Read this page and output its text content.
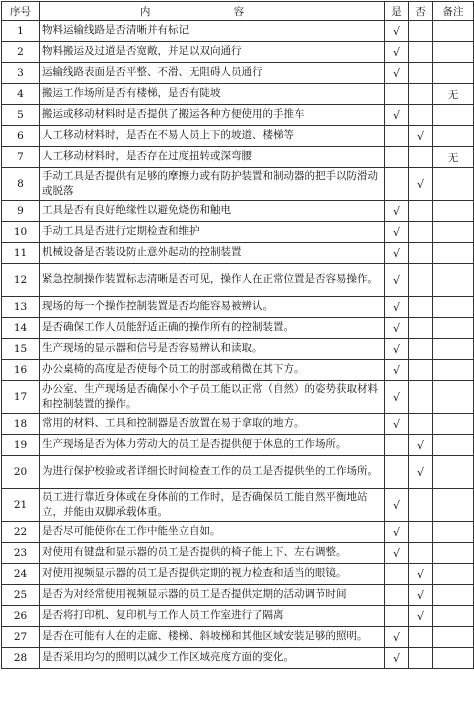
序号	内 容	是	否	备注
1	物料运输线路是否清晰并有标记	√		
2	物料搬运及过道是否宽敞，并足以双向通行	√		
3	运输线路表面是否平整、不滑、无阻碍人员通行	√		
4	搬运工作场所是否有楼梯，是否有陡坡			无
5	搬运或移动材料时是否提供了搬运各种方便使用的手推车	√		
6	人工移动材料时，是否在不易人员上下的坡道、楼梯等		√	
7	人工移动材料时，是否存在过度扭转或深弯腰			无
8	手动工具是否提供有足够的摩擦力或有防护装置和制动器的把手以防滑动或脱落		√	
9	工具是否有良好绝缘性以避免烧伤和触电	√		
10	手动工具是否进行定期检查和维护	√		
11	机械设备是否装设防止意外起动的控制装置	√		
12	紧急控制操作装置标志清晰是否可见，操作人在正常位置是否容易操作。	√		
13	现场的每一个操作控制装置是否均能容易被辨认。	√		
14	是否确保工作人员能舒适正确的操作所有的控制装置。	√		
15	生产现场的显示器和信号是否容易辨认和读取。	√		
16	办公桌椅的高度是否使每个员工的肘部或稍微在其下方。	√		
17	办公室、生产现场是否确保小个子员工能以正常（自然）的姿势获取材料和控制装置的操作。	√		
18	常用的材料、工具和控制器是否放置在易于拿取的地方。	√		
19	生产现场是否为体力劳动大的员工是否提供便于休息的工作场所。		√	
20	为进行保护校验或者详细长时间检查工作的员工是否提供坐的工作场所。		√	
21	员工进行靠近身体或在身体前的工作时，是否确保员工能自然平衡地站立，并能由双脚承载体重。	√		
22	是否尽可能使你在工作中能坐立自如。	√		
23	对使用有键盘和显示器的员工是否提供的椅子能上下、左右调整。	√		
24	对使用视频显示器的员工是否提供定期的视力检查和适当的眼镜。		√	
25	是否为对经常使用视频显示器的员工是否提供定期的活动调节时间		√	
26	是否将打印机、复印机与工作人员工作室进行了隔离		√	
27	是否在可能有人在的走廊、楼梯、斜坡梯和其他区域安装足够的照明。	√		
28	是否采用均匀的照明以减少工作区域亮度方面的变化。	√		
